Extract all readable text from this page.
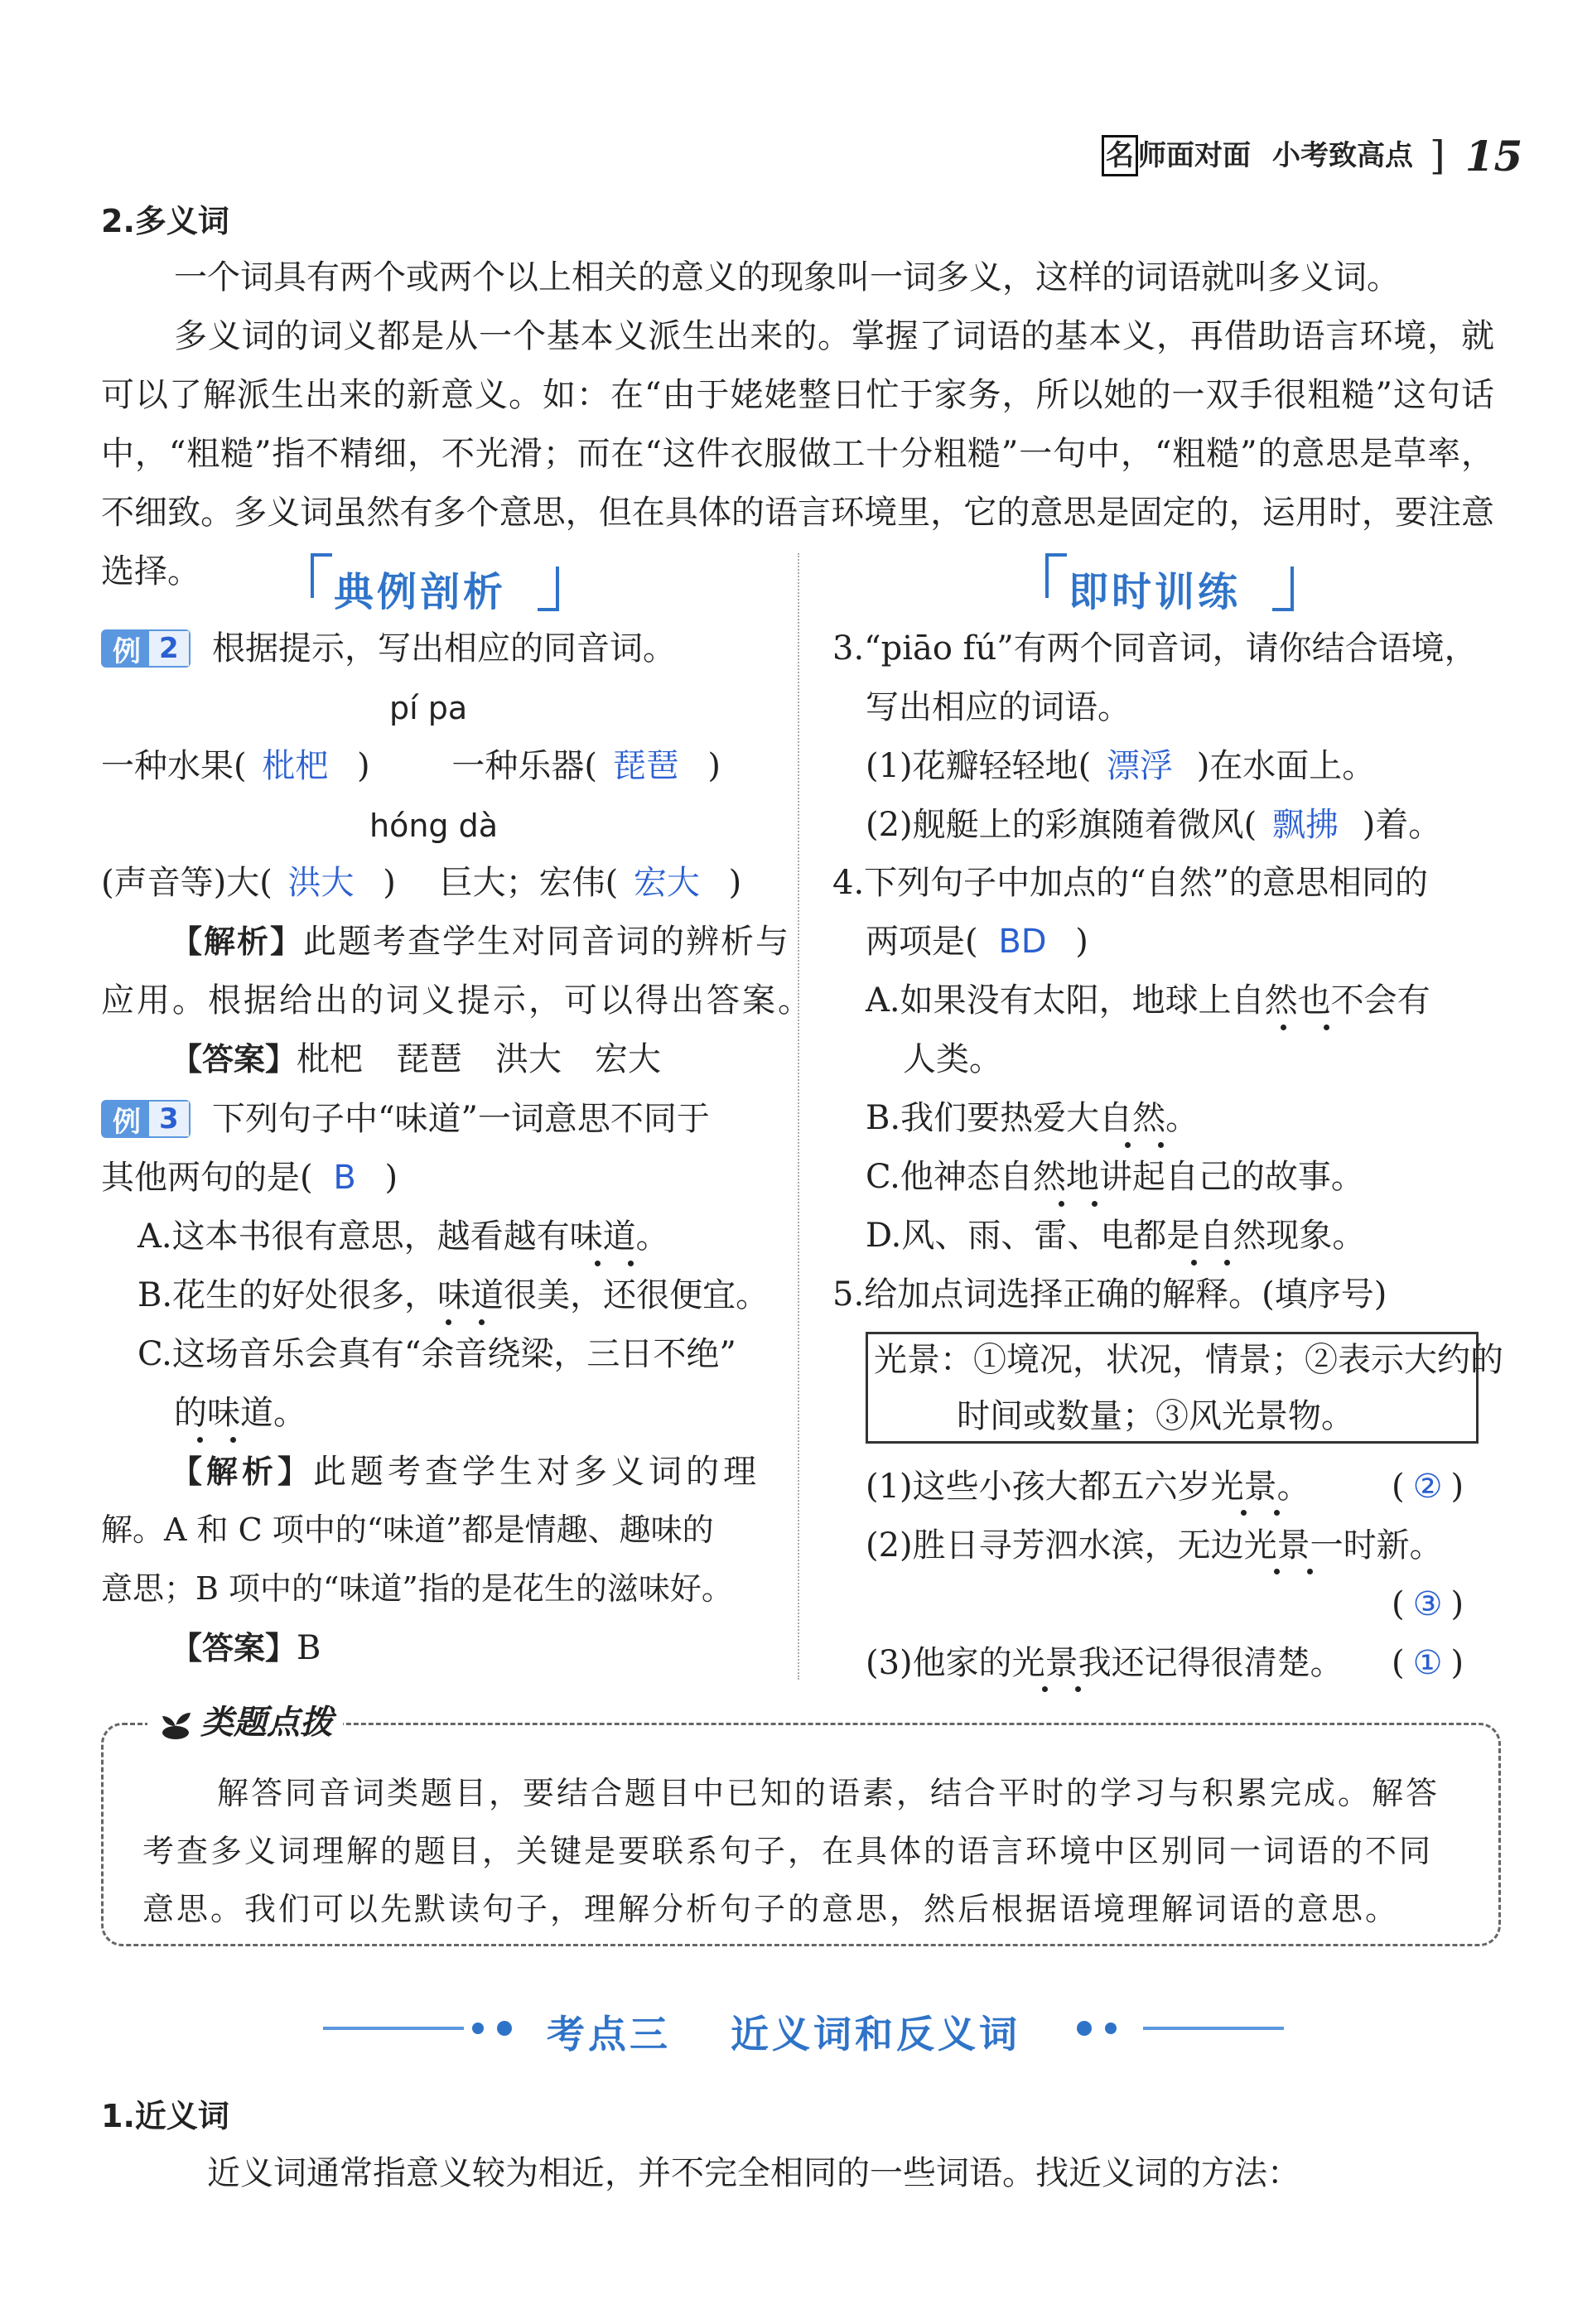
名 师面对面 小考致高点 ] 15
2.多义词
一个词具有两个或两个以上相关的意义的现象叫一词多义，这样的词语就叫多义词。
多义词的词义都是从一个基本义派生出来的。掌握了词语的基本义，再借助语言环境，就可以了解派生出来的新意义。如：在“由于姥姥整日忙于家务，所以她的一双手很粗糙”这句话中，“粗糙”指不精细，不光滑；而在“这件衣服做工十分粗糙”一句中，“粗糙”的意思是草率，不细致。多义词虽然有多个意思，但在具体的语言环境里，它的意思是固定的，运用时，要注意选择。	典例剖析	即时训练
例 2	根据提示，写出相应的同音词。
pí pa
一种水果( 枇杷 ) 一种乐器( 琵琶 )
hóng dà
(声音等)大( 洪大 ) 巨大；宏伟( 宏大 )
【解析】此题考查学生对同音词的辨析与
应用。根据给出的词义提示，可以得出答案。
【答案】枇杷　琵琶　洪大　宏大
例 3	下列句子中“味道”一词意思不同于
其他两句的是( B )
A.这本书很有意思，越看越有味道。
B.花生的好处很多，味道很美，还很便宜。
C.这场音乐会真有“余音绕梁，三日不绝”
的味道。
【解析】此题考查学生对多义词的理
解。A 和 C 项中的“味道”都是情趣、趣味的
意思；B 项中的“味道”指的是花生的滋味好。
【答案】B
3.“piāo fú”有两个同音词，请你结合语境，
写出相应的词语。
(1)花瓣轻轻地( 漂浮 )在水面上。
(2)舰艇上的彩旗随着微风( 飘拂 )着。
4.下列句子中加点的“自然”的意思相同的
两项是( BD )
A.如果没有太阳，地球上自然也不会有
人类。
B.我们要热爱大自然。
C.他神态自然地讲起自己的故事。
D.风、雨、雷、电都是自然现象。
5.给加点词选择正确的解释。(填序号)
光景：①境况，状况，情景；②表示大约的
时间或数量；③风光景物。
(1)这些小孩大都五六岁光景。 ( ② )
(2)胜日寻芳泗水滨，无边光景一时新。
( ③ )
(3)他家的光景我还记得很清楚。 ( ① )
类题点拨
解答同音词类题目，要结合题目中已知的语素，结合平时的学习与积累完成。解答
考查多义词理解的题目，关键是要联系句子，在具体的语言环境中区别同一词语的不同
意思。我们可以先默读句子，理解分析句子的意思，然后根据语境理解词语的意思。
考点三 近义词和反义词
1.近义词
近义词通常指意义较为相近，并不完全相同的一些词语。找近义词的方法：
